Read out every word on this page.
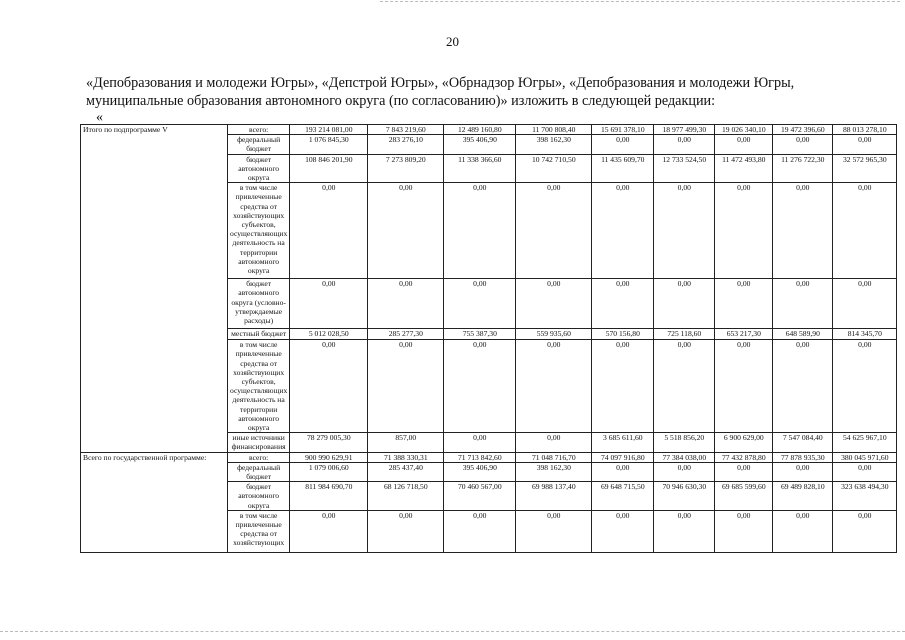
20
«Депобразования и молодежи Югры», «Депстрой Югры», «Обрнадзор Югры», «Депобразования и молодежи Югры,
муниципальные образования автономного округа (по согласованию)» изложить в следующей редакции:
«
Итого по подпрограмме V	всего:	193 214 081,00	7 843 219,60	12 489 160,80	11 700 808,40	15 691 378,10	18 977 499,30	19 026 340,10	19 472 396,60	88 013 278,10
	федеральный бюджет	1 076 845,30	283 276,10	395 406,90	398 162,30	0,00	0,00	0,00	0,00	0,00
	бюджет автономного округа	108 846 201,90	7 273 809,20	11 338 366,60	10 742 710,50	11 435 609,70	12 733 524,50	11 472 493,80	11 276 722,30	32 572 965,30
	в том числе привлеченные средства от хозяйствующих субъектов, осуществляющих деятельность на территории автономного округа	0,00	0,00	0,00	0,00	0,00	0,00	0,00	0,00	0,00
	бюджет автономного округа (условно-утверждаемые расходы)	0,00	0,00	0,00	0,00	0,00	0,00	0,00	0,00	0,00
	местный бюджет	5 012 028,50	285 277,30	755 387,30	559 935,60	570 156,80	725 118,60	653 217,30	648 589,90	814 345,70
	в том числе привлеченные средства от хозяйствующих субъектов, осуществляющих деятельность на территории автономного округа	0,00	0,00	0,00	0,00	0,00	0,00	0,00	0,00	0,00
	иные источники финансирования	78 279 005,30	857,00	0,00	0,00	3 685 611,60	5 518 856,20	6 900 629,00	7 547 084,40	54 625 967,10
Всего по государственной программе:	всего:	900 990 629,91	71 388 330,31	71 713 842,60	71 048 716,70	74 097 916,80	77 384 038,00	77 432 878,80	77 878 935,30	380 045 971,60
	федеральный бюджет	1 079 006,60	285 437,40	395 406,90	398 162,30	0,00	0,00	0,00	0,00	0,00
	бюджет автономного округа	811 984 690,70	68 126 718,50	70 460 567,00	69 988 137,40	69 648 715,50	70 946 630,30	69 685 599,60	69 489 828,10	323 638 494,30
	в том числе привлеченные средства от хозяйствующих	0,00	0,00	0,00	0,00	0,00	0,00	0,00	0,00	0,00
